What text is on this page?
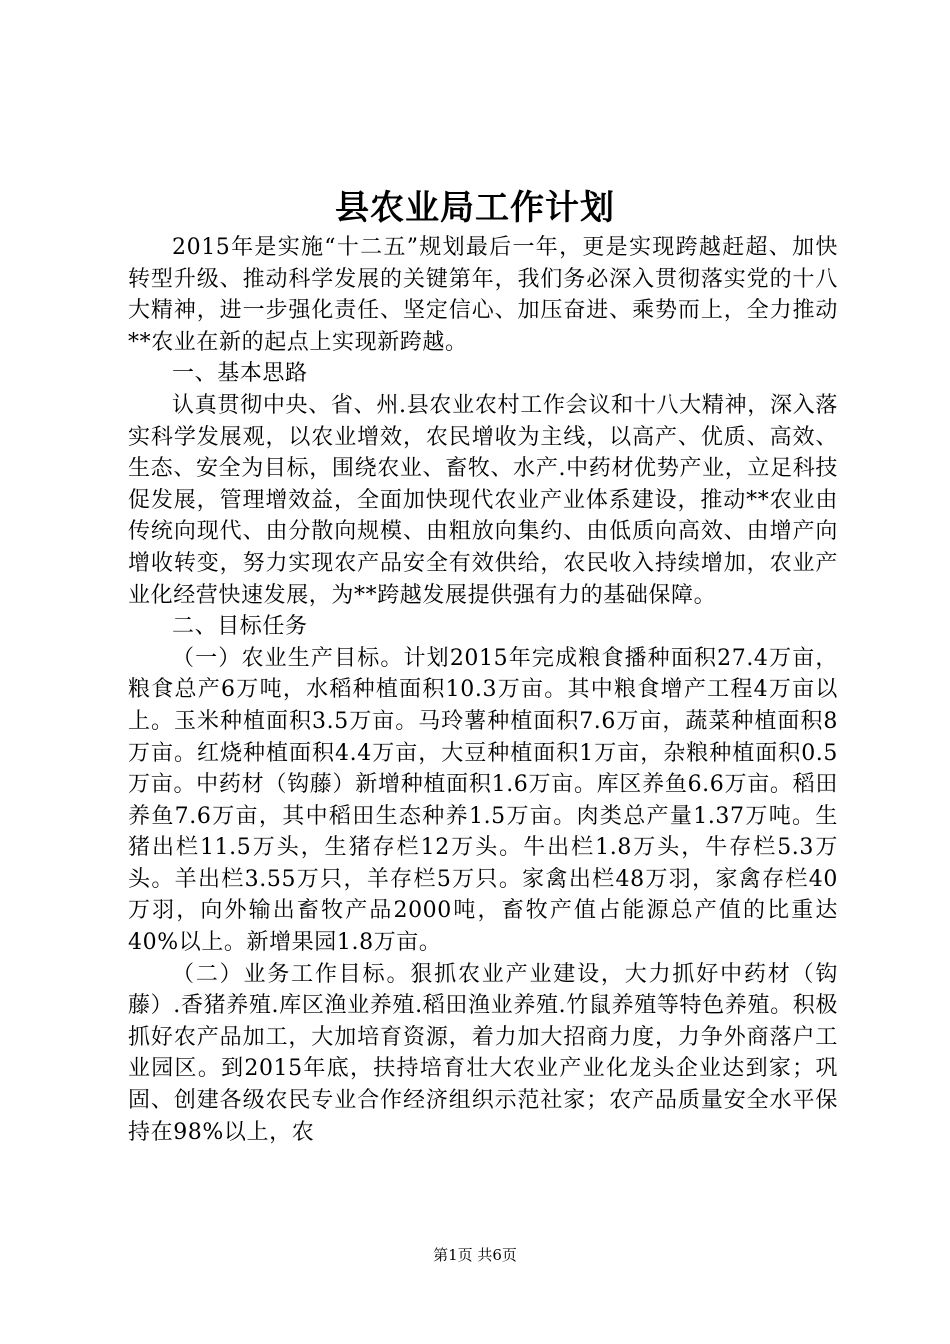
县农业局工作计划

2015年是实施“十二五”规划最后一年，更是实现跨越赶超、加快转型升级、推动科学发展的关键第年，我们务必深入贯彻落实党的十八大精神，进一步强化责任、坚定信心、加压奋进、乘势而上，全力推动**农业在新的起点上实现新跨越。

一、基本思路

认真贯彻中央、省、州.县农业农村工作会议和十八大精神，深入落实科学发展观，以农业增效，农民增收为主线，以高产、优质、高效、生态、安全为目标，围绕农业、畜牧、水产.中药材优势产业，立足科技促发展，管理增效益，全面加快现代农业产业体系建设，推动**农业由传统向现代、由分散向规模、由粗放向集约、由低质向高效、由增产向增收转变，努力实现农产品安全有效供给，农民收入持续增加，农业产业化经营快速发展，为**跨越发展提供强有力的基础保障。

二、目标任务

（一）农业生产目标。计划2015年完成粮食播种面积27.4万亩，粮食总产6万吨，水稻种植面积10.3万亩。其中粮食增产工程4万亩以上。玉米种植面积3.5万亩。马玲薯种植面积7.6万亩，蔬菜种植面积8万亩。红烧种植面积4.4万亩，大豆种植面积1万亩，杂粮种植面积0.5万亩。中药材（钩藤）新增种植面积1.6万亩。库区养鱼6.6万亩。稻田养鱼7.6万亩，其中稻田生态种养1.5万亩。肉类总产量1.37万吨。生猪出栏11.5万头，生猪存栏12万头。牛出栏1.8万头，牛存栏5.3万头。羊出栏3.55万只，羊存栏5万只。家禽出栏48万羽，家禽存栏40万羽，向外输出畜牧产品2000吨，畜牧产值占能源总产值的比重达40%以上。新增果园1.8万亩。

（二）业务工作目标。狠抓农业产业建设，大力抓好中药材（钩藤）.香猪养殖.库区渔业养殖.稻田渔业养殖.竹鼠养殖等特色养殖。积极抓好农产品加工，大加培育资源，着力加大招商力度，力争外商落户工业园区。到2015年底，扶持培育壮大农业产业化龙头企业达到家；巩固、创建各级农民专业合作经济组织示范社家；农产品质量安全水平保持在98%以上，农

第1页 共6页
